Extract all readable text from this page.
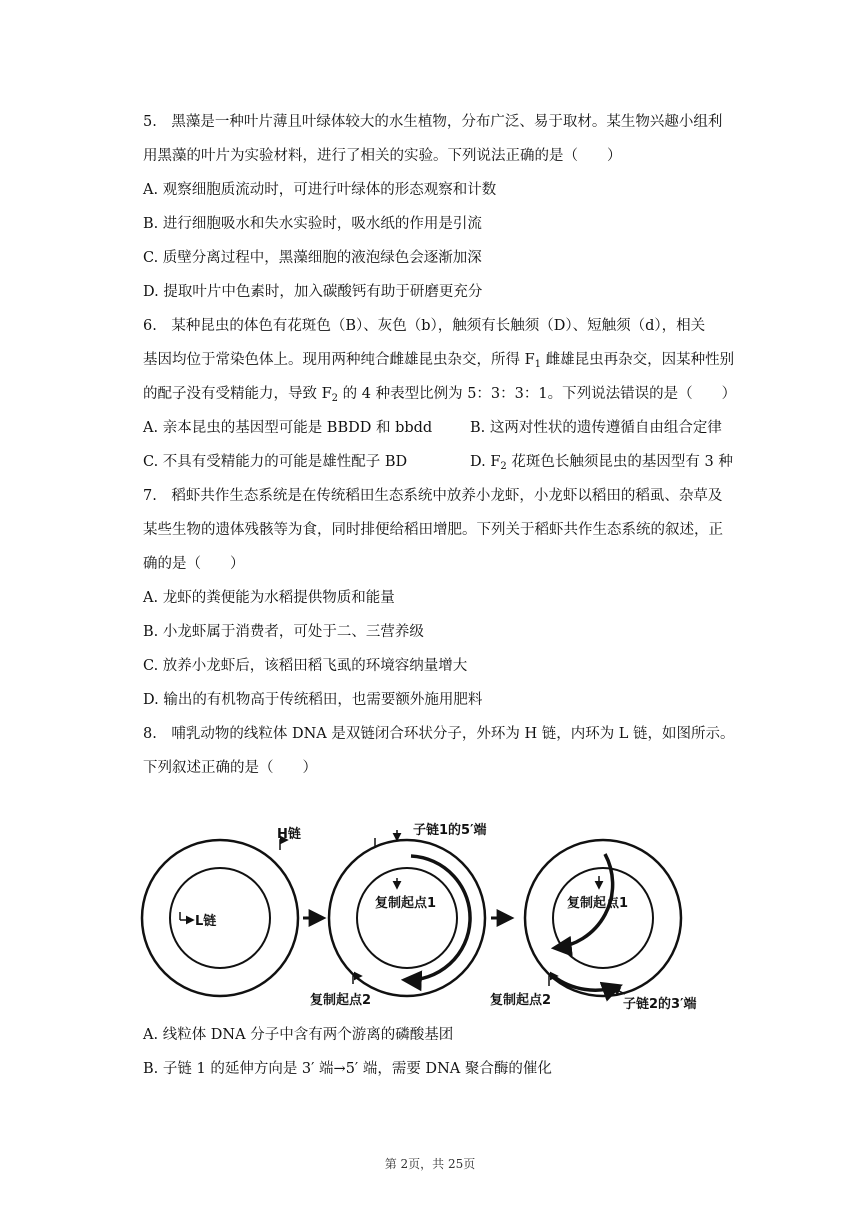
5.　黑藻是一种叶片薄且叶绿体较大的水生植物，分布广泛、易于取材。某生物兴趣小组利
用黑藻的叶片为实验材料，进行了相关的实验。下列说法正确的是（　　）
A. 观察细胞质流动时，可进行叶绿体的形态观察和计数
B. 进行细胞吸水和失水实验时，吸水纸的作用是引流
C. 质壁分离过程中，黑藻细胞的液泡绿色会逐渐加深
D. 提取叶片中色素时，加入碳酸钙有助于研磨更充分
6.　某种昆虫的体色有花斑色（B）、灰色（b），触须有长触须（D）、短触须（d），相关
基因均位于常染色体上。现用两种纯合雌雄昆虫杂交，所得 $F_1$ 雌雄昆虫再杂交，因某种性别
的配子没有受精能力，导致 $F_2$ 的 4 种表型比例为 5：3：3：1。下列说法错误的是（　　）
A. 亲本昆虫的基因型可能是 BBDD 和 bbdd	B. 这两对性状的遗传遵循自由组合定律
C. 不具有受精能力的可能是雄性配子 BD	D. $F_2$ 花斑色长触须昆虫的基因型有 3 种
7.　稻虾共作生态系统是在传统稻田生态系统中放养小龙虾，小龙虾以稻田的稻虱、杂草及
某些生物的遗体残骸等为食，同时排便给稻田增肥。下列关于稻虾共作生态系统的叙述，正
确的是（　　）
A. 龙虾的粪便能为水稻提供物质和能量
B. 小龙虾属于消费者，可处于二、三营养级
C. 放养小龙虾后，该稻田稻飞虱的环境容纳量增大
D. 输出的有机物高于传统稻田，也需要额外施用肥料
8.　哺乳动物的线粒体 DNA 是双链闭合环状分子，外环为 H 链，内环为 L 链，如图所示。
下列叙述正确的是（　　）
H链
L链
子链1的5′端
复制起点1
复制起点2
复制起点1
复制起点2	子链2的3′端
A. 线粒体 DNA 分子中含有两个游离的磷酸基团
B. 子链 1 的延伸方向是 3′ 端→5′ 端，需要 DNA 聚合酶的催化
第 2页，共 25页
